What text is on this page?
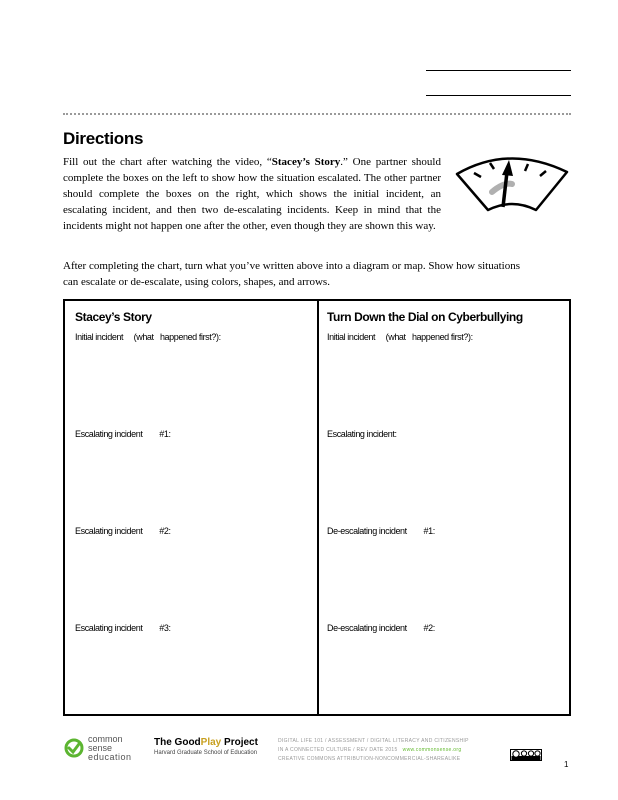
Directions
Fill out the chart after watching the video, “Stacey’s Story.” One partner should complete the boxes on the left to show how the situation escalated. The other partner should complete the boxes on the right, which shows the initial incident, an escalating incident, and then two de-escalating incidents. Keep in mind that the incidents might not happen one after the other, even though they are shown this way.
After completing the chart, turn what you’ve written above into a diagram or map. Show how situations can escalate or de-escalate, using colors, shapes, and arrows.
Stacey’s Story
Initial incident     (what   happened first?):
Escalating incident        #1:
Escalating incident        #2:
Escalating incident        #3:
Turn Down the Dial on Cyberbullying
Initial incident     (what   happened first?):
Escalating incident:
De-escalating incident        #1:
De-escalating incident        #2:
common
sense
education
The GoodPlay Project
Harvard Graduate School of Education
DIGITAL LIFE 101 / ASSESSMENT / DIGITAL LITERACY AND CITIZENSHIP
IN A CONNECTED CULTURE / REV DATE 2015 www.commonsense.org
CREATIVE COMMONS ATTRIBUTION-NONCOMMERCIAL-SHAREALIKE
1
